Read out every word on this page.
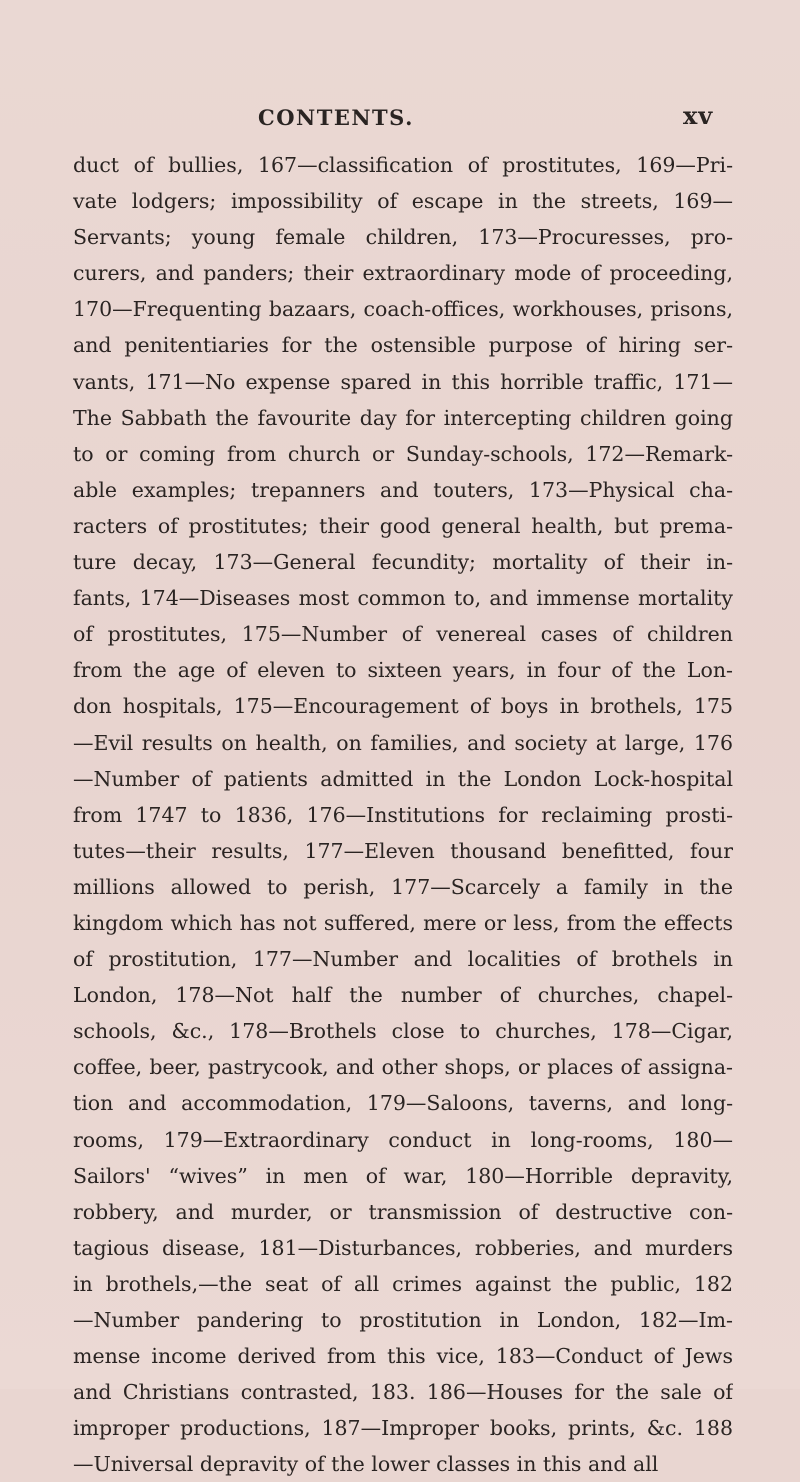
CONTENTS.	xv
duct of bullies, 167—classification of prostitutes, 169—Pri-
vate lodgers; impossibility of escape in the streets, 169—
Servants; young female children, 173—Procuresses, pro-
curers, and panders; their extraordinary mode of proceeding,
170—Frequenting bazaars, coach-offices, workhouses, prisons,
and penitentiaries for the ostensible purpose of hiring ser-
vants, 171—No expense spared in this horrible traffic, 171—
The Sabbath the favourite day for intercepting children going
to or coming from church or Sunday-schools, 172—Remark-
able examples; trepanners and touters, 173—Physical cha-
racters of prostitutes; their good general health, but prema-
ture decay, 173—General fecundity; mortality of their in-
fants, 174—Diseases most common to, and immense mortality
of prostitutes, 175—Number of venereal cases of children
from the age of eleven to sixteen years, in four of the Lon-
don hospitals, 175—Encouragement of boys in brothels, 175
—Evil results on health, on families, and society at large, 176
—Number of patients admitted in the London Lock-hospital
from 1747 to 1836, 176—Institutions for reclaiming prosti-
tutes—their results, 177—Eleven thousand benefitted, four
millions allowed to perish, 177—Scarcely a family in the
kingdom which has not suffered, mere or less, from the effects
of prostitution, 177—Number and localities of brothels in
London, 178—Not half the number of churches, chapel-
schools, &c., 178—Brothels close to churches, 178—Cigar,
coffee, beer, pastrycook, and other shops, or places of assigna-
tion and accommodation, 179—Saloons, taverns, and long-
rooms, 179—Extraordinary conduct in long-rooms, 180—
Sailors' “wives” in men of war, 180—Horrible depravity,
robbery, and murder, or transmission of destructive con-
tagious disease, 181—Disturbances, robberies, and murders
in brothels,—the seat of all crimes against the public, 182
—Number pandering to prostitution in London, 182—Im-
mense income derived from this vice, 183—Conduct of Jews
and Christians contrasted, 183. 186—Houses for the sale of
improper productions, 187—Improper books, prints, &c. 188
—Universal depravity of the lower classes in this and all
